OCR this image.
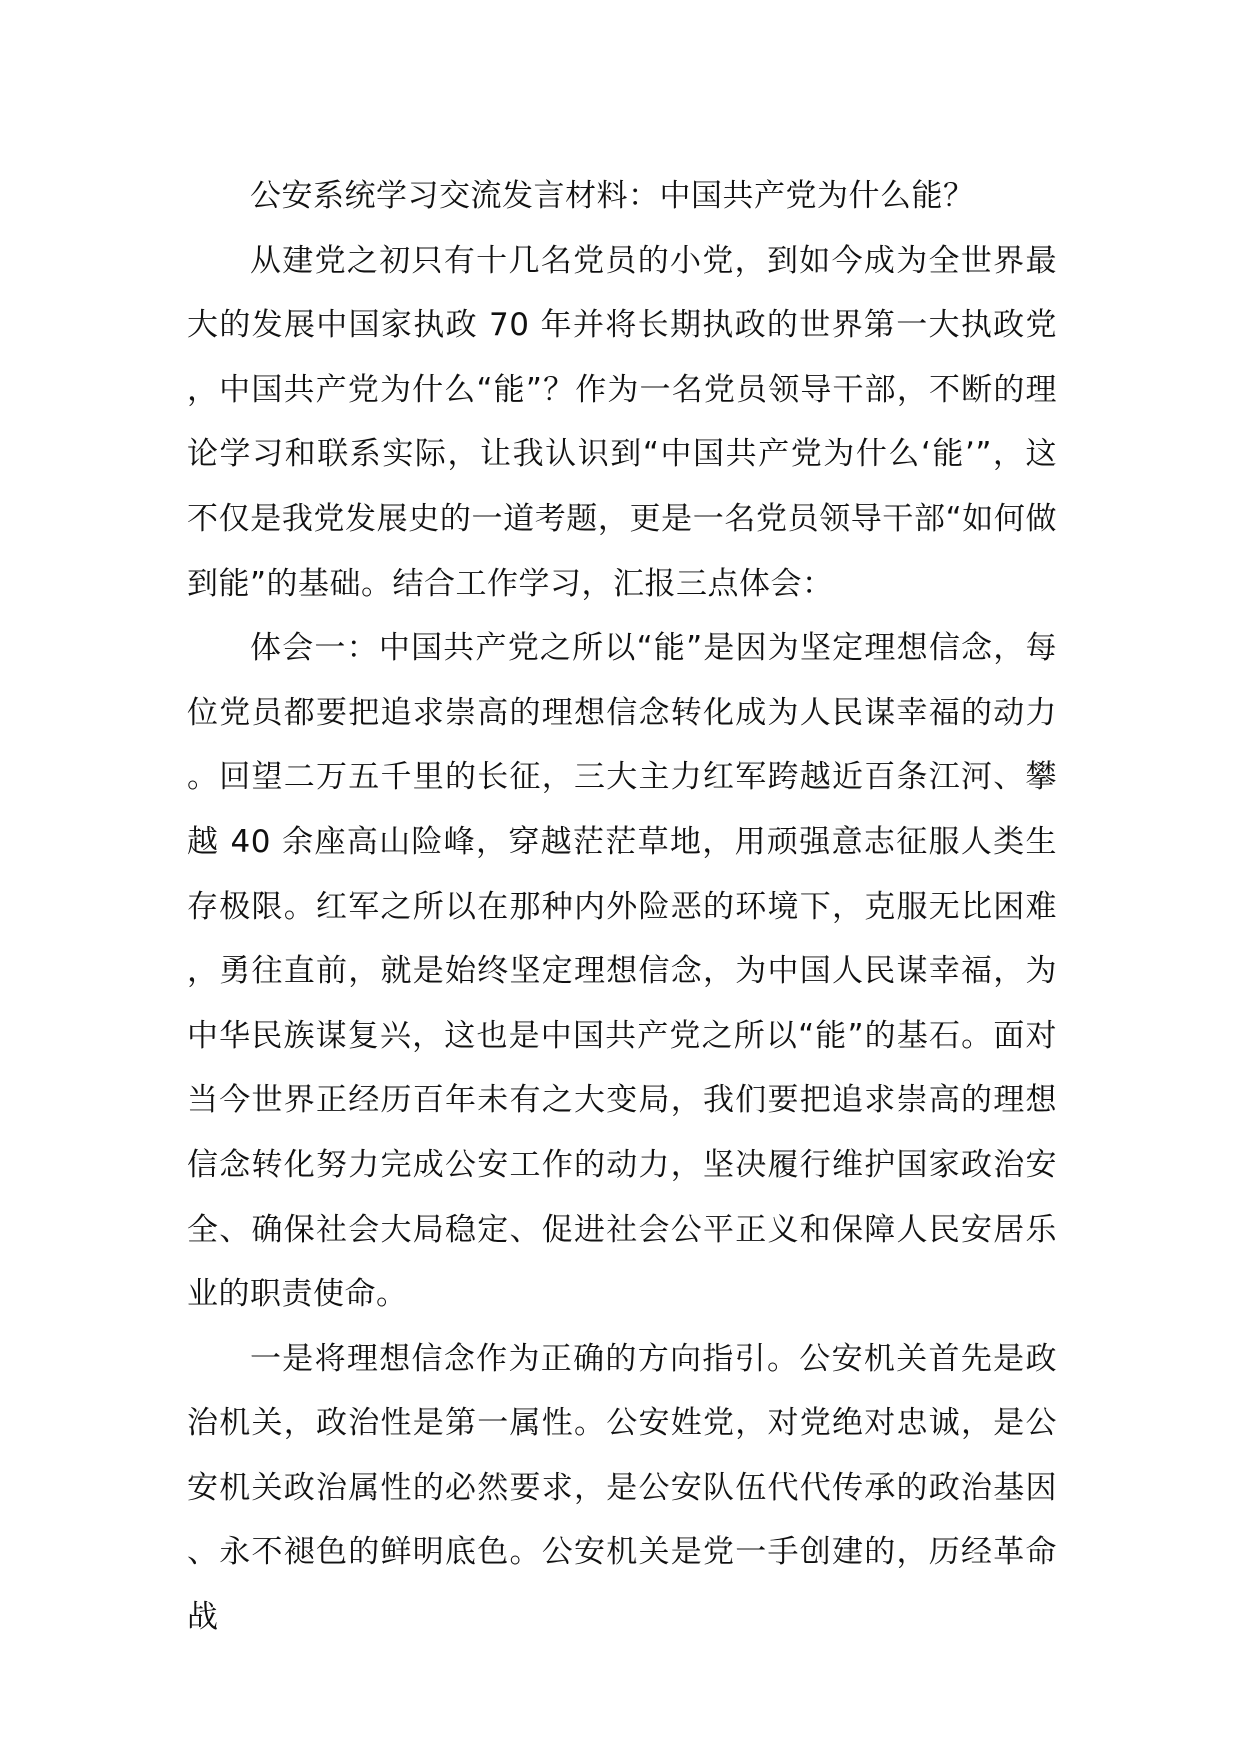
公安系统学习交流发言材料：中国共产党为什么能？

从建党之初只有十几名党员的小党，到如今成为全世界最大的发展中国家执政 70 年并将长期执政的世界第一大执政党，中国共产党为什么“能”？作为一名党员领导干部，不断的理论学习和联系实际，让我认识到“中国共产党为什么‘能’”，这不仅是我党发展史的一道考题，更是一名党员领导干部“如何做到能”的基础。结合工作学习，汇报三点体会：

体会一：中国共产党之所以“能”是因为坚定理想信念，每位党员都要把追求崇高的理想信念转化成为人民谋幸福的动力。回望二万五千里的长征，三大主力红军跨越近百条江河、攀越 40 余座高山险峰，穿越茫茫草地，用顽强意志征服人类生存极限。红军之所以在那种内外险恶的环境下，克服无比困难，勇往直前，就是始终坚定理想信念，为中国人民谋幸福，为中华民族谋复兴，这也是中国共产党之所以“能”的基石。面对当今世界正经历百年未有之大变局，我们要把追求崇高的理想信念转化努力完成公安工作的动力，坚决履行维护国家政治安全、确保社会大局稳定、促进社会公平正义和保障人民安居乐业的职责使命。

一是将理想信念作为正确的方向指引。公安机关首先是政治机关，政治性是第一属性。公安姓党，对党绝对忠诚，是公安机关政治属性的必然要求，是公安队伍代代传承的政治基因、永不褪色的鲜明底色。公安机关是党一手创建的，历经革命战
